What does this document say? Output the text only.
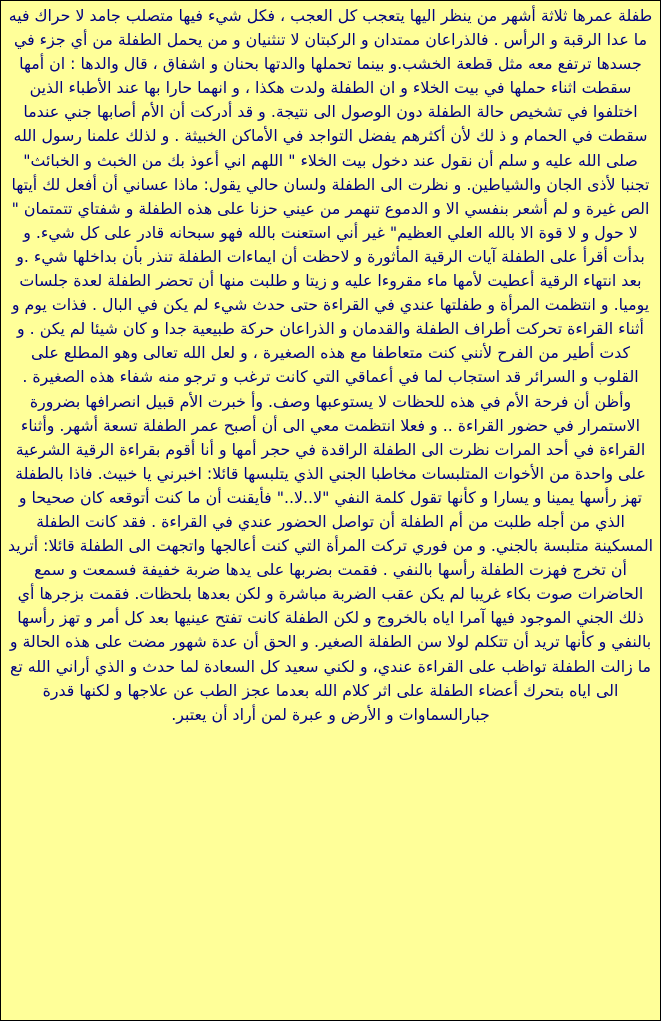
طفلة عمرها ثلاثة أشهر من ينظر اليها يتعجب كل العجب ، فكل شيء فيها متصلب جامد لا حراك فيه ما عدا الرقبة و الرأس . فالذراعان ممتدان و الركبتان لا تنثنيان و من يحمل الطفلة من أي جزء في جسدها ترتفع معه مثل قطعة الخشب.و بينما تحملها والدتها بحنان و اشفاق ، قال والدها : ان أمها سقطت اثناء حملها في بيت الخلاء و ان الطفلة ولدت هكذا ، و انهما حارا بها عند الأطباء الذين اختلفوا في تشخيص حالة الطفلة دون الوصول الى نتيجة. و قد أدركت أن الأم أصابها جني عندما سقطت في الحمام و ذ لك لأن أكثرهم يفضل التواجد في الأماكن الخبيثة . و لذلك علمنا رسول الله صلى الله عليه و سلم أن نقول عند دخول بيت الخلاء " اللهم اني أعوذ بك من الخبث و الخبائث" تجنبا لأذى الجان والشياطين. و نظرت الى الطفلة ولسان حالي يقول: ماذا عساني أن أفعل لك أيتها الص غيرة و لم أشعر بنفسي الا و الدموع تنهمر من عيني حزنا على هذه الطفلة و شفتاي تتمتمان " لا حول و لا قوة الا بالله العلي العظيم" غير أني استعنت بالله فهو سبحانه قادر على كل شيء. و بدأت أقرأ على الطفلة آيات الرقية المأثورة و لاحظت أن ايماءات الطفلة تنذر بأن بداخلها شيء .و بعد انتهاء الرقية أعطيت لأمها ماء مقروءا عليه و زيتا و طلبت منها أن تحضر الطفلة لعدة جلسات يوميا. و انتظمت المرأة و طفلتها عندي في القراءة حتى حدث شيء لم يكن في البال . فذات يوم و أثناء القراءة تحركت أطراف الطفلة والقدمان و الذراعان حركة طبيعية جدا و كان شيئا لم يكن . و كدت أطير من الفرح لأنني كنت متعاطفا مع هذه الصغيرة ، و لعل الله تعالى وهو المطلع على القلوب و السرائر قد استجاب لما في أعماقي التي كانت ترغب و ترجو منه شفاء هذه الصغيرة . وأظن أن فرحة الأم في هذه للحظات لا يستوعبها وصف. وأ خبرت الأم قبيل انصرافها بضرورة الاستمرار في حضور القراءة .. و فعلا انتظمت معي الى أن أصبح عمر الطفلة تسعة أشهر. وأثناء القراءة في أحد المرات نظرت الى الطفلة الراقدة في حجر أمها و أنا أقوم بقراءة الرقية الشرعية على واحدة من الأخوات المتلبسات مخاطبا الجني الذي يتلبسها قائلا: اخبرني يا خبيث. فاذا بالطفلة تهز رأسها يمينا و يسارا و كأنها تقول كلمة النفي "لا..لا.." فأيقنت أن ما كنت أتوقعه كان صحيحا و الذي من أجله طلبت من أم الطفلة أن تواصل الحضور عندي في القراءة . فقد كانت الطفلة المسكينة متلبسة بالجني. و من فوري تركت المرأة التي كنت أعالجها واتجهت الى الطفلة قائلا: أتريد أن تخرج فهزت الطفلة رأسها بالنفي . فقمت بضربها على يدها ضربة خفيفة فسمعت و سمع الحاضرات صوت بكاء غريبا لم يكن عقب الضربة مباشرة و لكن بعدها بلحظات. فقمت بزجرها أي ذلك الجني الموجود فيها آمرا اياه بالخروج و لكن الطفلة كانت تفتح عينيها بعد كل أمر و تهز رأسها بالنفي و كأنها تريد أن تتكلم لولا سن الطفلة الصغير. و الحق أن عدة شهور مضت على هذه الحالة و ما زالت الطفلة تواظب على القراءة عندي، و لكني سعيد كل السعادة لما حدث و الذي أراني الله تع الى اياه بتحرك أعضاء الطفلة على اثر كلام الله بعدما عجز الطب عن علاجها و لكنها قدرة جبارالسماوات و الأرض و عبرة لمن أراد أن يعتبر.
